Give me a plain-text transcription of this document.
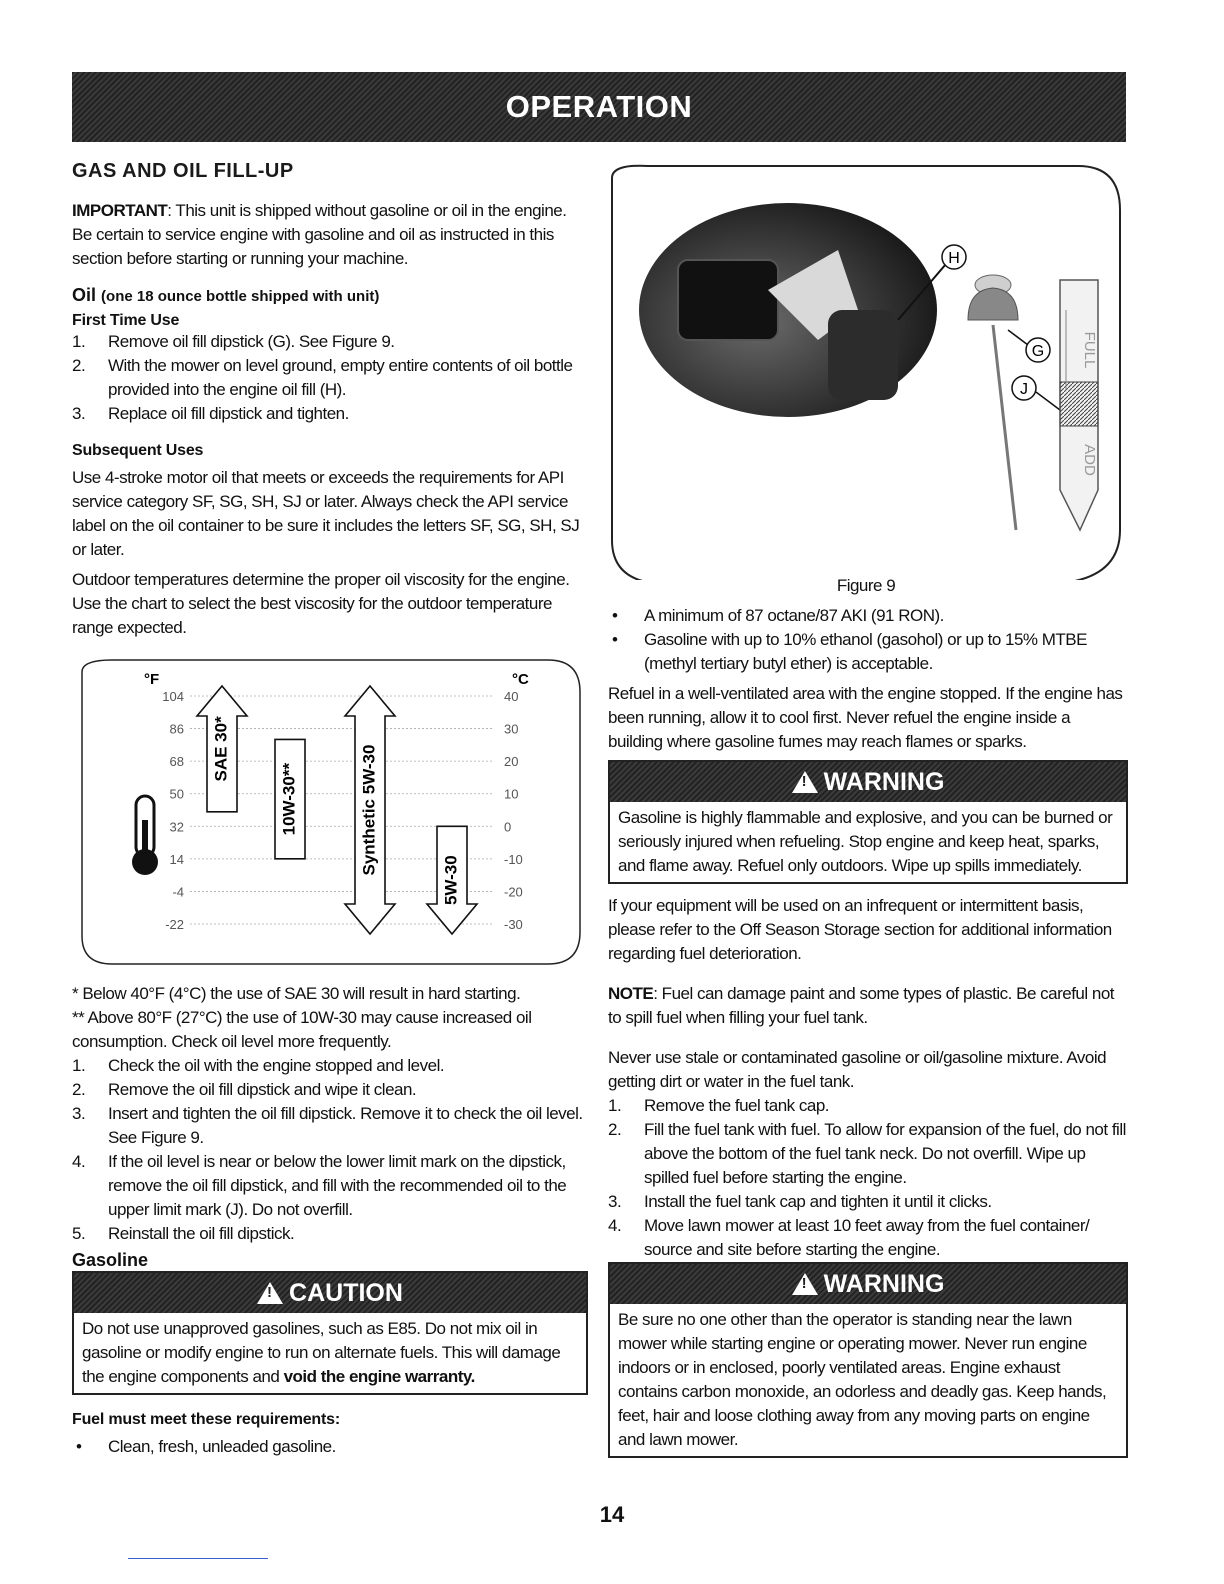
OPERATION
GAS AND OIL FILL-UP

IMPORTANT: This unit is shipped without gasoline or oil in the engine. Be certain to service engine with gasoline and oil as instructed in this section before starting or running your machine.

Oil (one 18 ounce bottle shipped with unit)
First Time Use
1. Remove oil fill dipstick (G). See Figure 9.
2. With the mower on level ground, empty entire contents of oil bottle provided into the engine oil fill (H).
3. Replace oil fill dipstick and tighten.
Subsequent Uses

Use 4-stroke motor oil that meets or exceeds the requirements for API service category SF, SG, SH, SJ or later. Always check the API service label on the oil container to be sure it includes the letters SF, SG, SH, SJ or later.

Outdoor temperatures determine the proper oil viscosity for the engine. Use the chart to select the best viscosity for the outdoor temperature range expected.

°F	°C
104	40
86	30
68	20
50	10
32	0
14	-10
-4	-20
-22	-30
SAE 30*
10W-30**	Synthetic 5W-30
5W-30

* Below 40°F (4°C) the use of SAE 30 will result in hard starting.

** Above 80°F (27°C) the use of 10W-30 may cause increased oil consumption. Check oil level more frequently.

1. Check the oil with the engine stopped and level.
2. Remove the oil fill dipstick and wipe it clean.
3. Insert and tighten the oil fill dipstick. Remove it to check the oil level. See Figure 9.
4. If the oil level is near or below the lower limit mark on the dipstick, remove the oil fill dipstick, and fill with the recommended oil to the upper limit mark (J). Do not overfill.
5. Reinstall the oil fill dipstick.
Gasoline
!
CAUTION

Do not use unapproved gasolines, such as E85. Do not mix oil in gasoline or modify engine to run on alternate fuels. This will damage the engine components and void the engine warranty.

Fuel must meet these requirements:
• Clean, fresh, unleaded gasoline.
H
G
J
FULL
ADD

Figure 9

• A minimum of 87 octane/87 AKI (91 RON).
• Gasoline with up to 10% ethanol (gasohol) or up to 15% MTBE (methyl tertiary butyl ether) is acceptable.

Refuel in a well-ventilated area with the engine stopped. If the engine has been running, allow it to cool first. Never refuel the engine inside a building where gasoline fumes may reach flames or sparks.

!
WARNING

Gasoline is highly flammable and explosive, and you can be burned or seriously injured when refueling. Stop engine and keep heat, sparks, and flame away. Refuel only outdoors. Wipe up spills immediately.

If your equipment will be used on an infrequent or intermittent basis, please refer to the Off Season Storage section for additional information regarding fuel deterioration.

NOTE: Fuel can damage paint and some types of plastic. Be careful not to spill fuel when filling your fuel tank.

Never use stale or contaminated gasoline or oil/gasoline mixture. Avoid getting dirt or water in the fuel tank.

1. Remove the fuel tank cap.
2. Fill the fuel tank with fuel. To allow for expansion of the fuel, do not fill above the bottom of the fuel tank neck. Do not overfill. Wipe up spilled fuel before starting the engine.
3. Install the fuel tank cap and tighten it until it clicks.
4. Move lawn mower at least 10 feet away from the fuel container/ source and site before starting the engine.
!
WARNING

Be sure no one other than the operator is standing near the lawn mower while starting engine or operating mower. Never run engine indoors or in enclosed, poorly ventilated areas. Engine exhaust contains carbon monoxide, an odorless and deadly gas. Keep hands, feet, hair and loose clothing away from any moving parts on engine and lawn mower.

14
